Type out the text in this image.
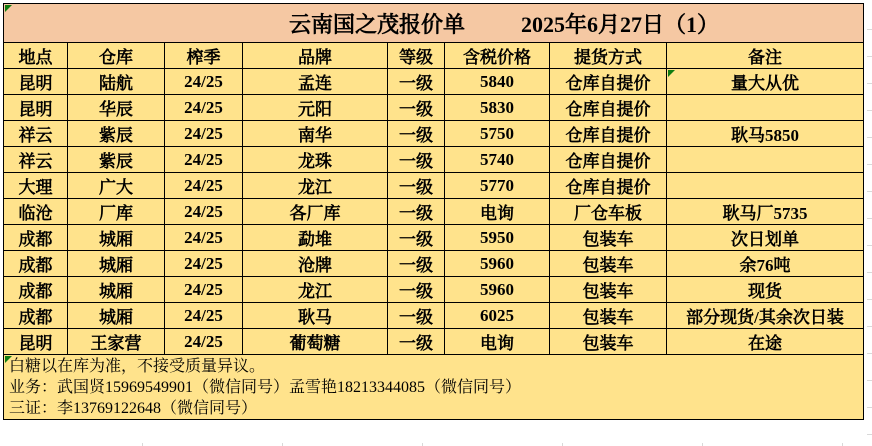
云南国之茂报价单 2025年6月27日（1）							
地点	仓库	榨季	品牌	等级	含税价格	提货方式	备注
昆明	陆航	24/25	孟连	一级	5840	仓库自提价	量大从优

昆明	华辰	24/25	元阳	一级	5830	仓库自提价	
祥云	紫辰	24/25	南华	一级	5750	仓库自提价	耿马5850
祥云	紫辰	24/25	龙珠	一级	5740	仓库自提价	
大理	广大	24/25	龙江	一级	5770	仓库自提价	
临沧	厂库	24/25	各厂库	一级	电询	厂仓车板	耿马厂5735
成都	城厢	24/25	勐堆	一级	5950	包装车	次日划单
成都	城厢	24/25	沧牌	一级	5960	包装车	余76吨
成都	城厢	24/25	龙江	一级	5960	包装车	现货
成都	城厢	24/25	耿马	一级	6025	包装车	部分现货/其余次日装
昆明	王家营	24/25	葡萄糖	一级	电询	包装车	在途

白糖以在库为准，不接受质量异议。
业务：武国贤15969549901（微信同号）孟雪艳18213344085（微信同号）
三证：李13769122648（微信同号）							
